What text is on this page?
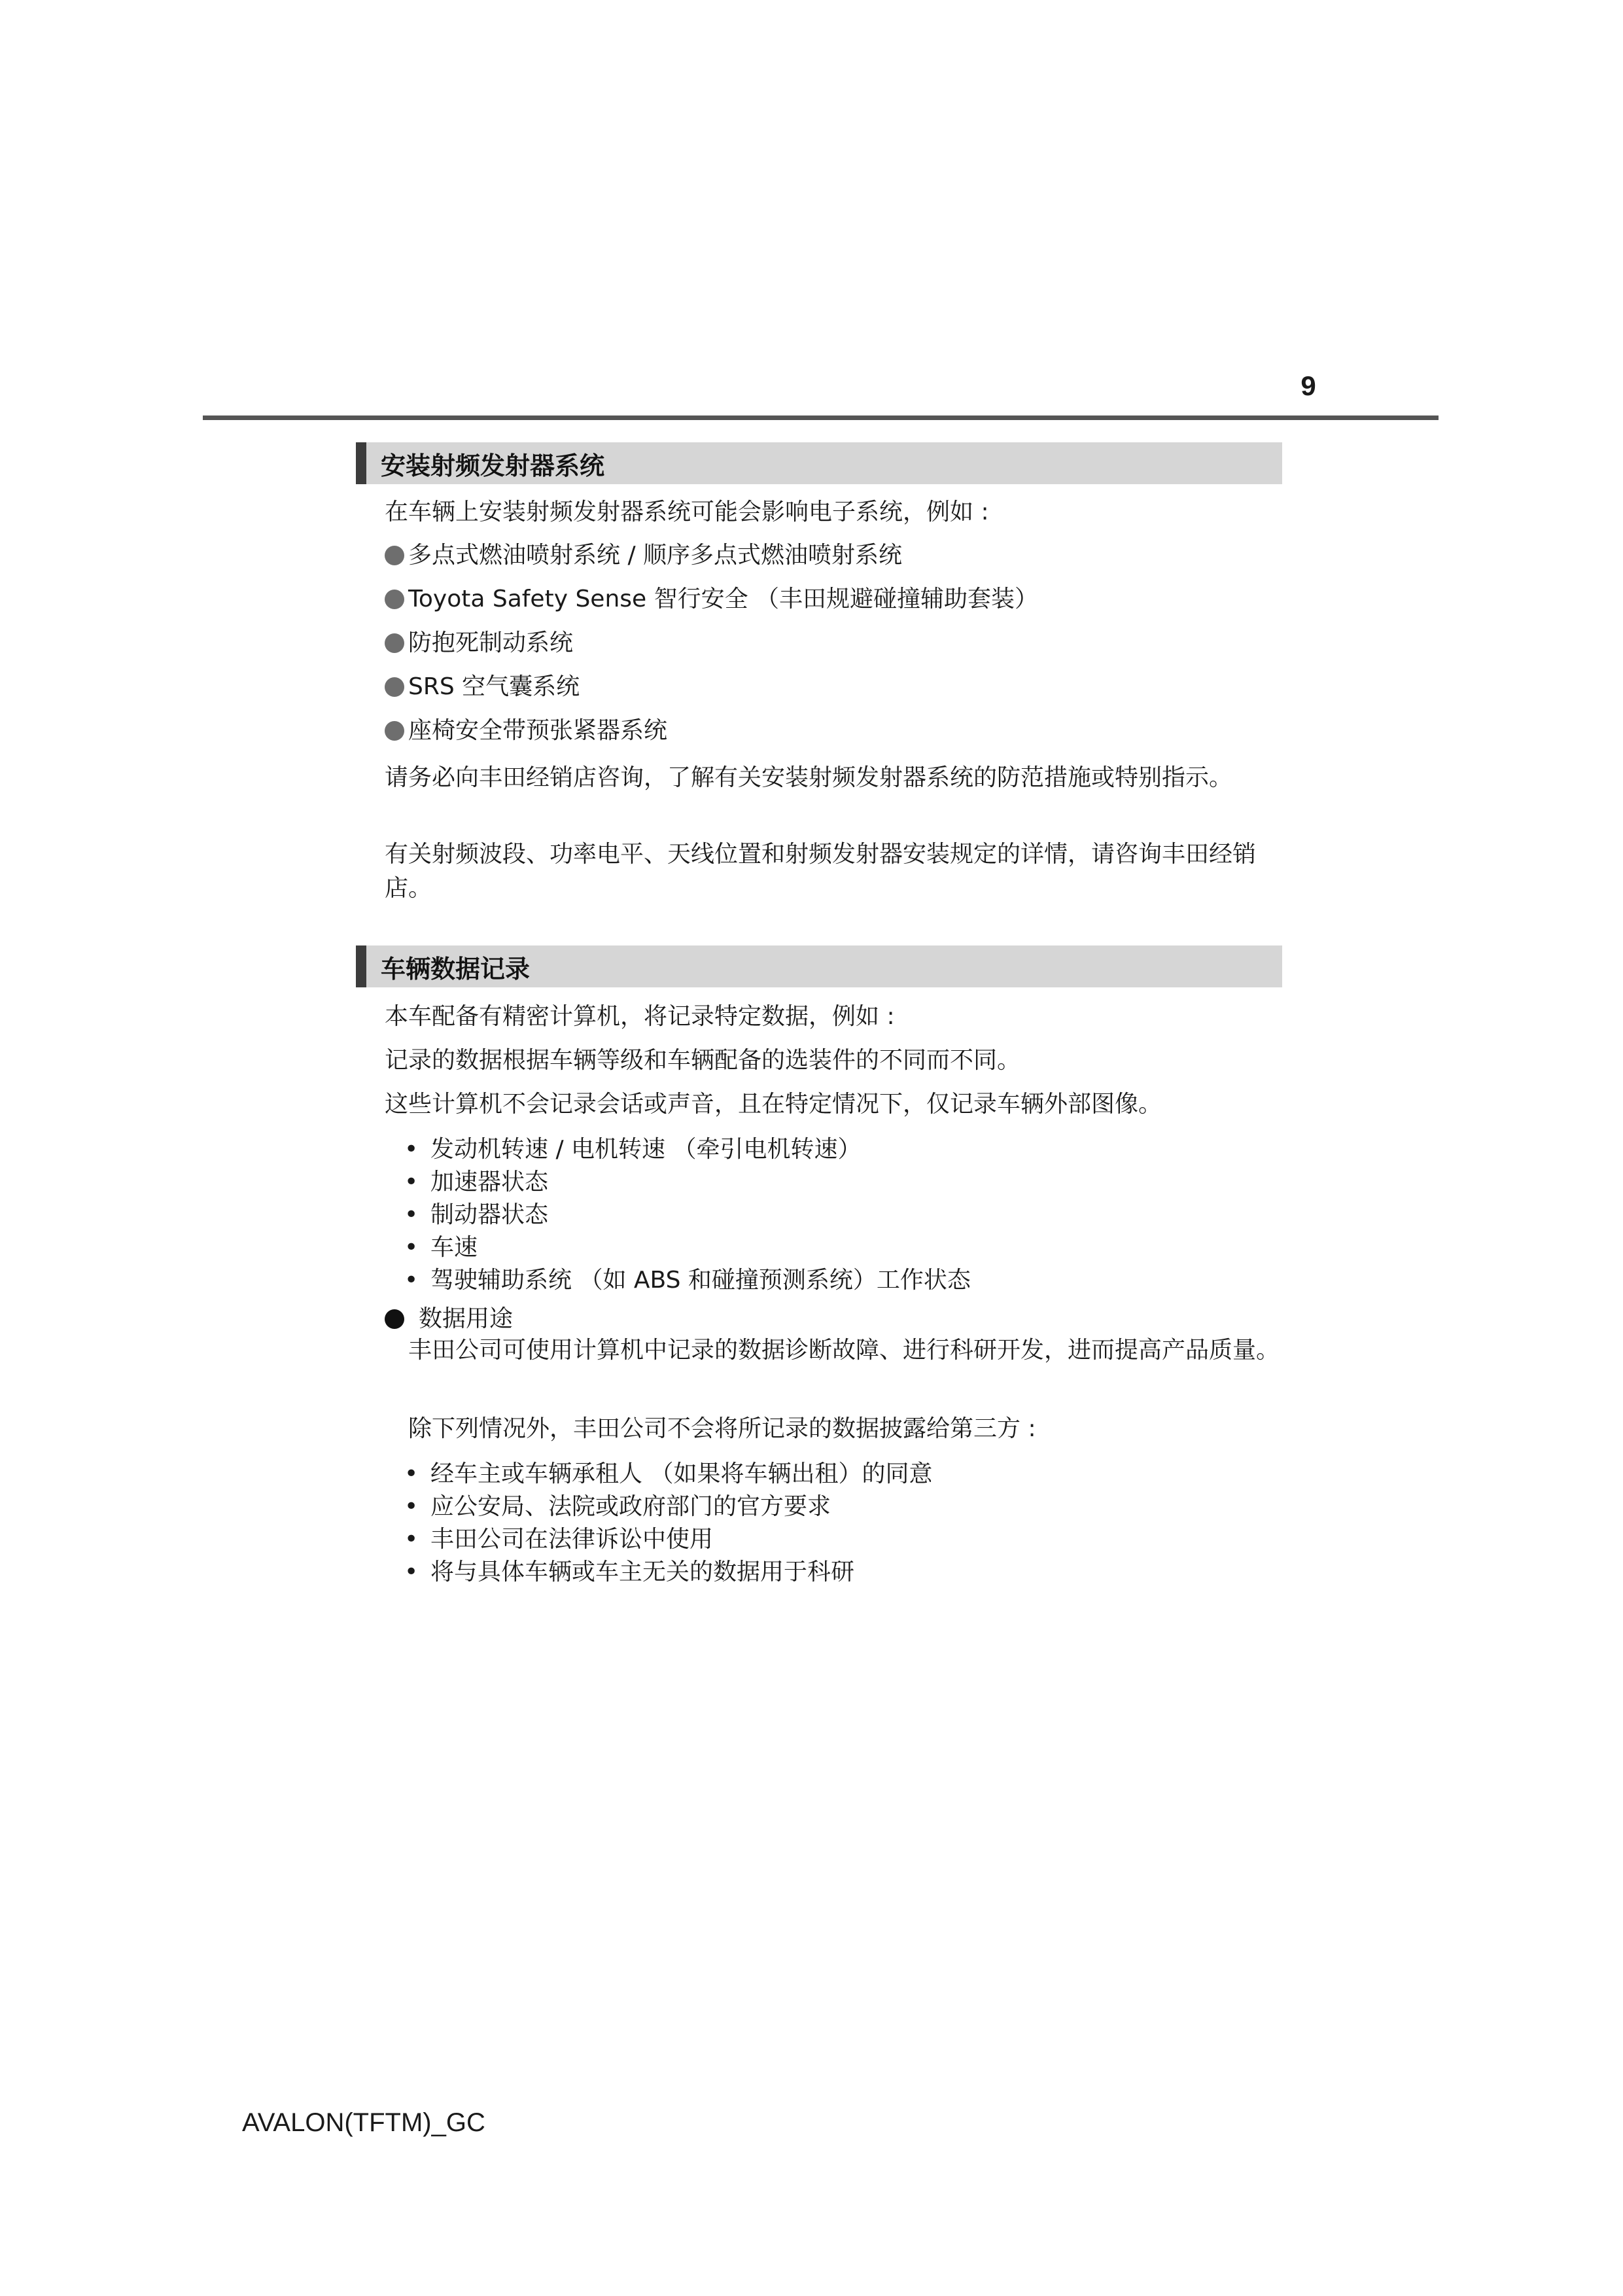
9
安装射频发射器系统
在车辆上安装射频发射器系统可能会影响电子系统，例如 :
多点式燃油喷射系统 / 顺序多点式燃油喷射系统
Toyota Safety Sense 智行安全 （丰田规避碰撞辅助套装）
防抱死制动系统
SRS 空气囊系统
座椅安全带预张紧器系统
请务必向丰田经销店咨询，了解有关安装射频发射器系统的防范措施或特别指示。
有关射频波段、功率电平、天线位置和射频发射器安装规定的详情，请咨询丰田经销店。
车辆数据记录
本车配备有精密计算机，将记录特定数据，例如 :
记录的数据根据车辆等级和车辆配备的选装件的不同而不同。
这些计算机不会记录会话或声音，且在特定情况下，仅记录车辆外部图像。
• 发动机转速 / 电机转速 （牵引电机转速）
• 加速器状态
• 制动器状态
• 车速
• 驾驶辅助系统 （如 ABS 和碰撞预测系统）工作状态
数据用途
丰田公司可使用计算机中记录的数据诊断故障、进行科研开发，进而提高产品质量。
除下列情况外，丰田公司不会将所记录的数据披露给第三方 :
• 经车主或车辆承租人 （如果将车辆出租）的同意
• 应公安局、法院或政府部门的官方要求
• 丰田公司在法律诉讼中使用
• 将与具体车辆或车主无关的数据用于科研
AVALON(TFTM)_GC
